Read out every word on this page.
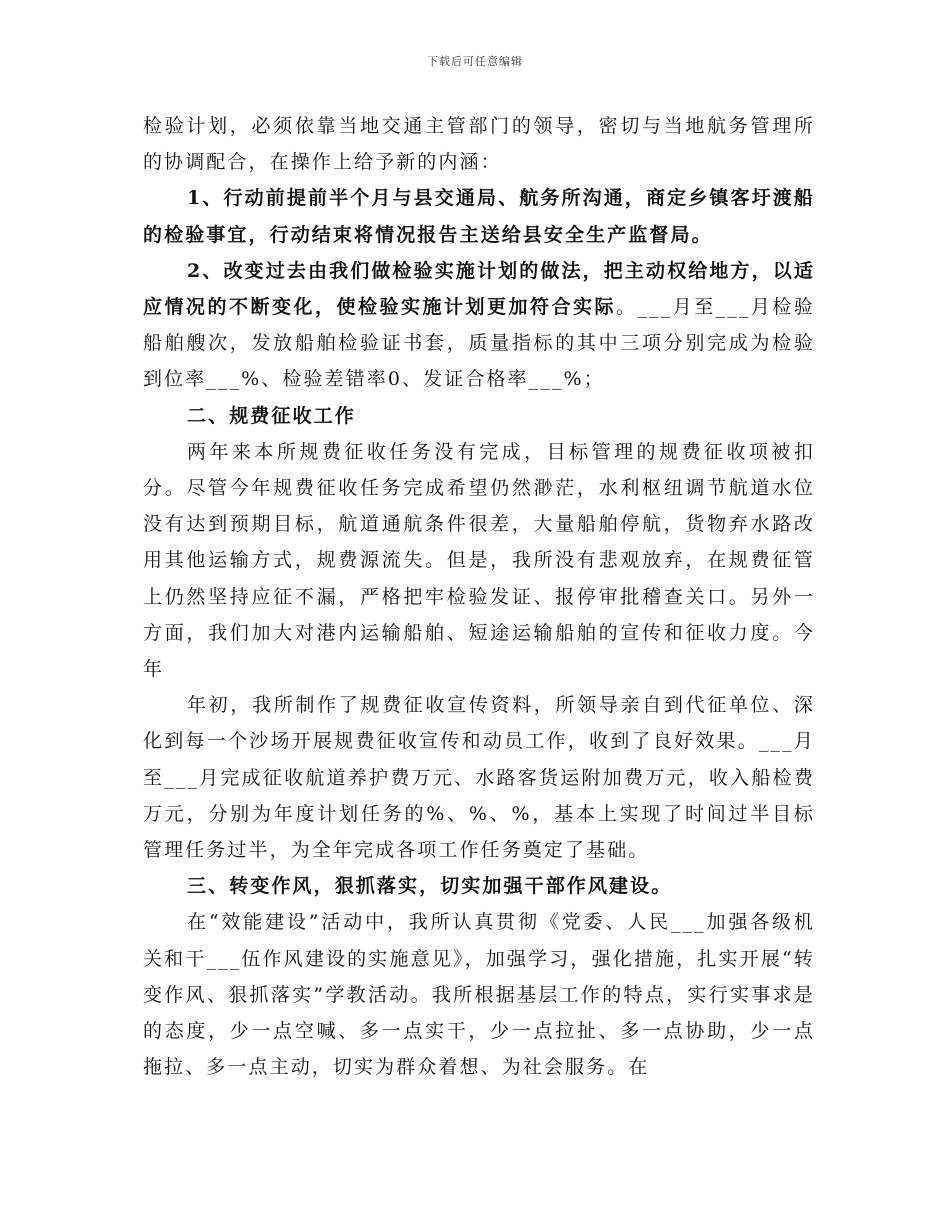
下载后可任意编辑

检验计划，必须依靠当地交通主管部门的领导，密切与当地航务管理所的协调配合，在操作上给予新的内涵：

1、行动前提前半个月与县交通局、航务所沟通，商定乡镇客圩渡船的检验事宜，行动结束将情况报告主送给县安全生产监督局。

2、改变过去由我们做检验实施计划的做法，把主动权给地方，以适应情况的不断变化，使检验实施计划更加符合实际。___月至___月检验船舶艘次，发放船舶检验证书套，质量指标的其中三项分别完成为检验到位率___%、检验差错率0、发证合格率___%；

二、规费征收工作

两年来本所规费征收任务没有完成，目标管理的规费征收项被扣分。尽管今年规费征收任务完成希望仍然渺茫，水利枢纽调节航道水位没有达到预期目标，航道通航条件很差，大量船舶停航，货物弃水路改用其他运输方式，规费源流失。但是，我所没有悲观放弃，在规费征管上仍然坚持应征不漏，严格把牢检验发证、报停审批稽查关口。另外一方面，我们加大对港内运输船舶、短途运输船舶的宣传和征收力度。今年

年初，我所制作了规费征收宣传资料，所领导亲自到代征单位、深化到每一个沙场开展规费征收宣传和动员工作，收到了良好效果。___月至___月完成征收航道养护费万元、水路客货运附加费万元，收入船检费万元，分别为年度计划任务的%、%、%，基本上实现了时间过半目标管理任务过半，为全年完成各项工作任务奠定了基础。

三、转变作风，狠抓落实，切实加强干部作风建设。

在“效能建设”活动中，我所认真贯彻《党委、人民___加强各级机关和干___伍作风建设的实施意见》，加强学习，强化措施，扎实开展“转变作风、狠抓落实”学教活动。我所根据基层工作的特点，实行实事求是的态度，少一点空喊、多一点实干，少一点拉扯、多一点协助，少一点拖拉、多一点主动，切实为群众着想、为社会服务。在
